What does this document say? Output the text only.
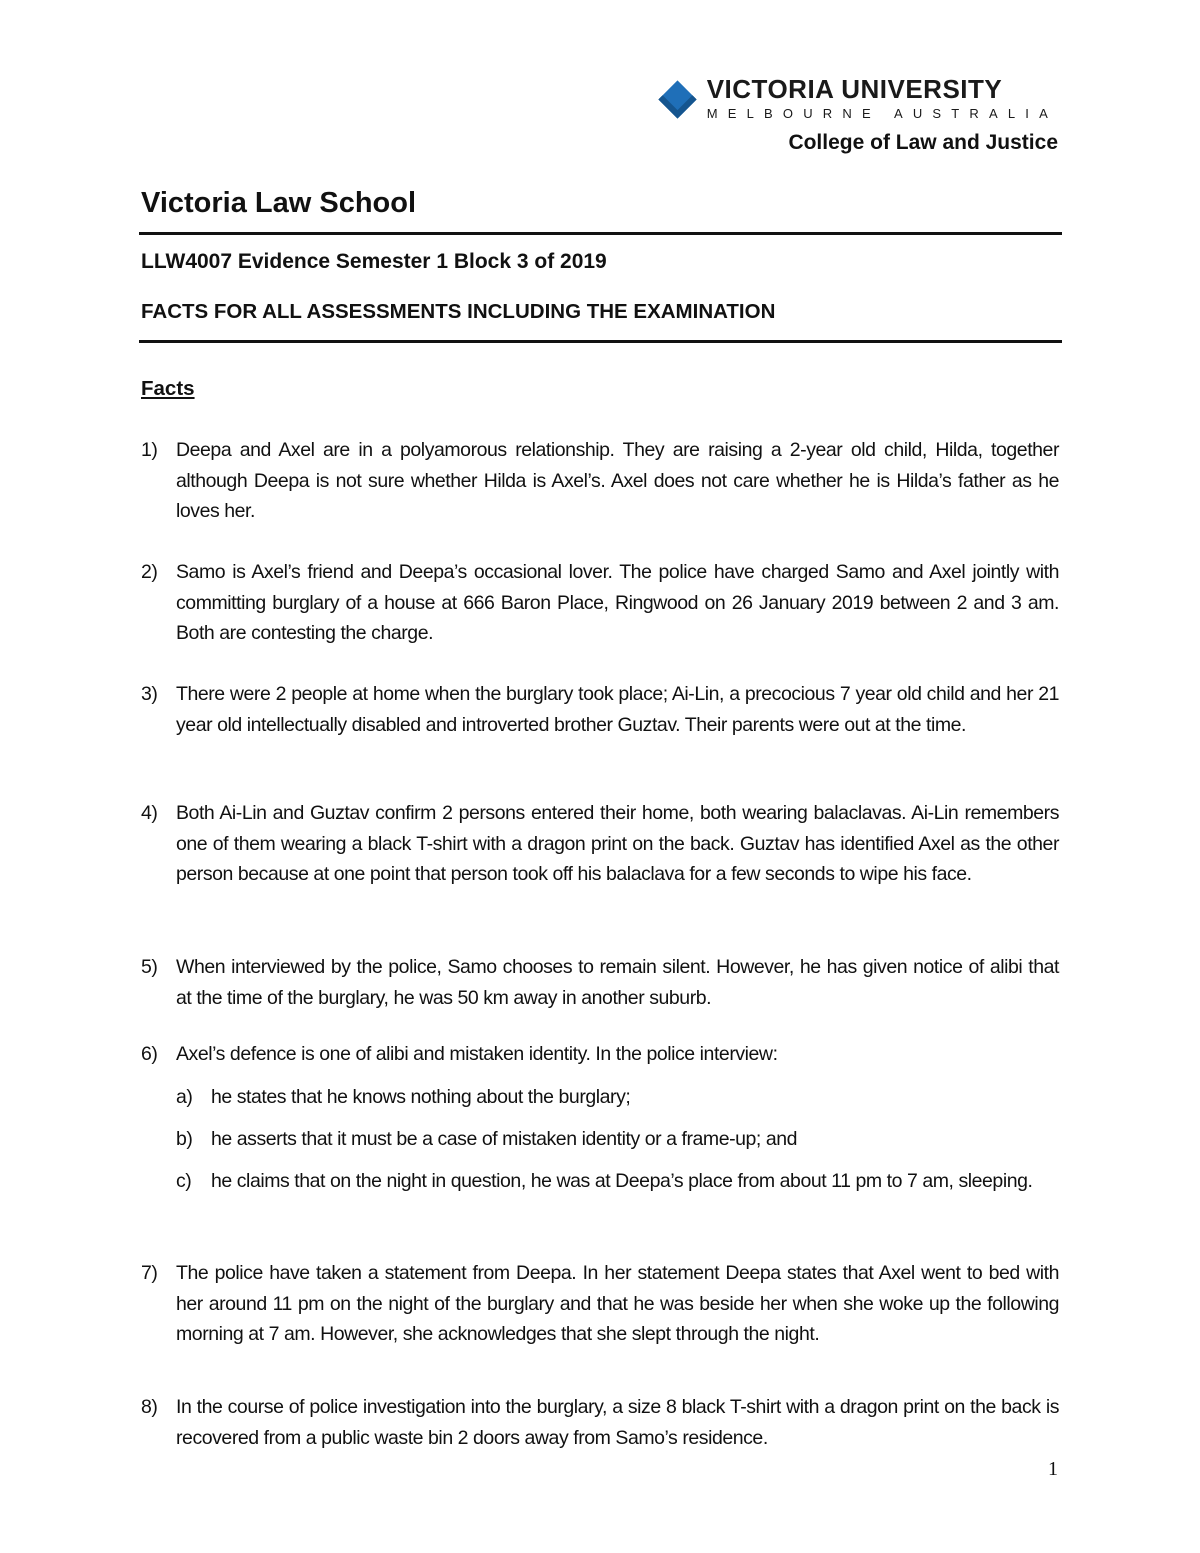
VICTORIA UNIVERSITY
MELBOURNE AUSTRALIA
College of Law and Justice
Victoria Law School
LLW4007 Evidence Semester 1 Block 3 of 2019
FACTS FOR ALL ASSESSMENTS INCLUDING THE EXAMINATION
Facts
1) Deepa and Axel are in a polyamorous relationship. They are raising a 2-year old child, Hilda, together although Deepa is not sure whether Hilda is Axel’s. Axel does not care whether he is Hilda’s father as he loves her.
2) Samo is Axel’s friend and Deepa’s occasional lover. The police have charged Samo and Axel jointly with committing burglary of a house at 666 Baron Place, Ringwood on 26 January 2019 between 2 and 3 am. Both are contesting the charge.
3) There were 2 people at home when the burglary took place; Ai-Lin, a precocious 7 year old child and her 21 year old intellectually disabled and introverted brother Guztav. Their parents were out at the time.
4) Both Ai-Lin and Guztav confirm 2 persons entered their home, both wearing balaclavas. Ai-Lin remembers one of them wearing a black T-shirt with a dragon print on the back. Guztav has identified Axel as the other person because at one point that person took off his balaclava for a few seconds to wipe his face.
5) When interviewed by the police, Samo chooses to remain silent. However, he has given notice of alibi that at the time of the burglary, he was 50 km away in another suburb.
6) Axel’s defence is one of alibi and mistaken identity. In the police interview:
a) he states that he knows nothing about the burglary;
b) he asserts that it must be a case of mistaken identity or a frame-up; and
c) he claims that on the night in question, he was at Deepa’s place from about 11 pm to 7 am, sleeping.
7) The police have taken a statement from Deepa. In her statement Deepa states that Axel went to bed with her around 11 pm on the night of the burglary and that he was beside her when she woke up the following morning at 7 am. However, she acknowledges that she slept through the night.
8) In the course of police investigation into the burglary, a size 8 black T-shirt with a dragon print on the back is recovered from a public waste bin 2 doors away from Samo’s residence.
1
